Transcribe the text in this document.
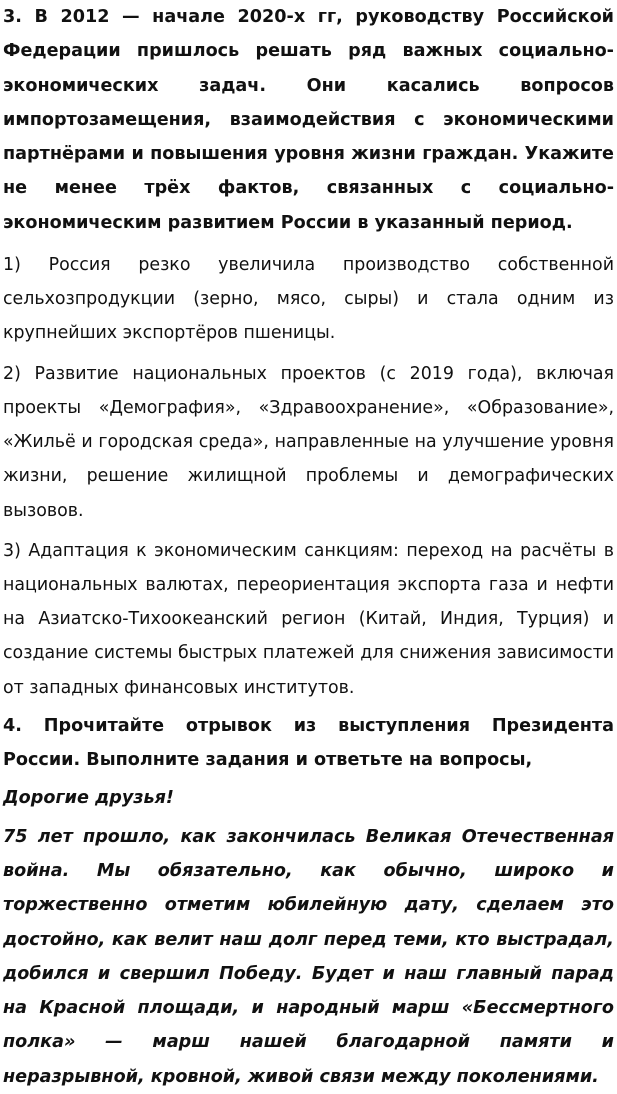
3. В 2012 — начале 2020-х гг, руководству Российской Федерации пришлось решать ряд важных социально-экономических задач. Они касались вопросов импортозамещения, взаимодействия с экономическими партнёрами и повышения уровня жизни граждан. Укажите не менее трёх фактов, связанных с социально-экономическим развитием России в указанный период.

1) Россия резко увеличила производство собственной сельхозпродукции (зерно, мясо, сыры) и стала одним из крупнейших экспортёров пшеницы.

2) Развитие национальных проектов (с 2019 года), включая проекты «Демография», «Здравоохранение», «Образование», «Жильё и городская среда», направленные на улучшение уровня жизни, решение жилищной проблемы и демографических вызовов.

3) Адаптация к экономическим санкциям: переход на расчёты в национальных валютах, переориентация экспорта газа и нефти на Азиатско-Тихоокеанский регион (Китай, Индия, Турция) и создание системы быстрых платежей для снижения зависимости от западных финансовых институтов.

4. Прочитайте отрывок из выступления Президента России. Выполните задания и ответьте на вопросы,

Дорогие друзья!

75 лет прошло, как закончилась Великая Отечественная война. Мы обязательно, как обычно, широко и торжественно отметим юбилейную дату, сделаем это достойно, как велит наш долг перед теми, кто выстрадал, добился и свершил Победу. Будет и наш главный парад на Красной площади, и народный марш «Бессмертного полка» — марш нашей благодарной памяти и неразрывной, кровной, живой связи между поколениями.
